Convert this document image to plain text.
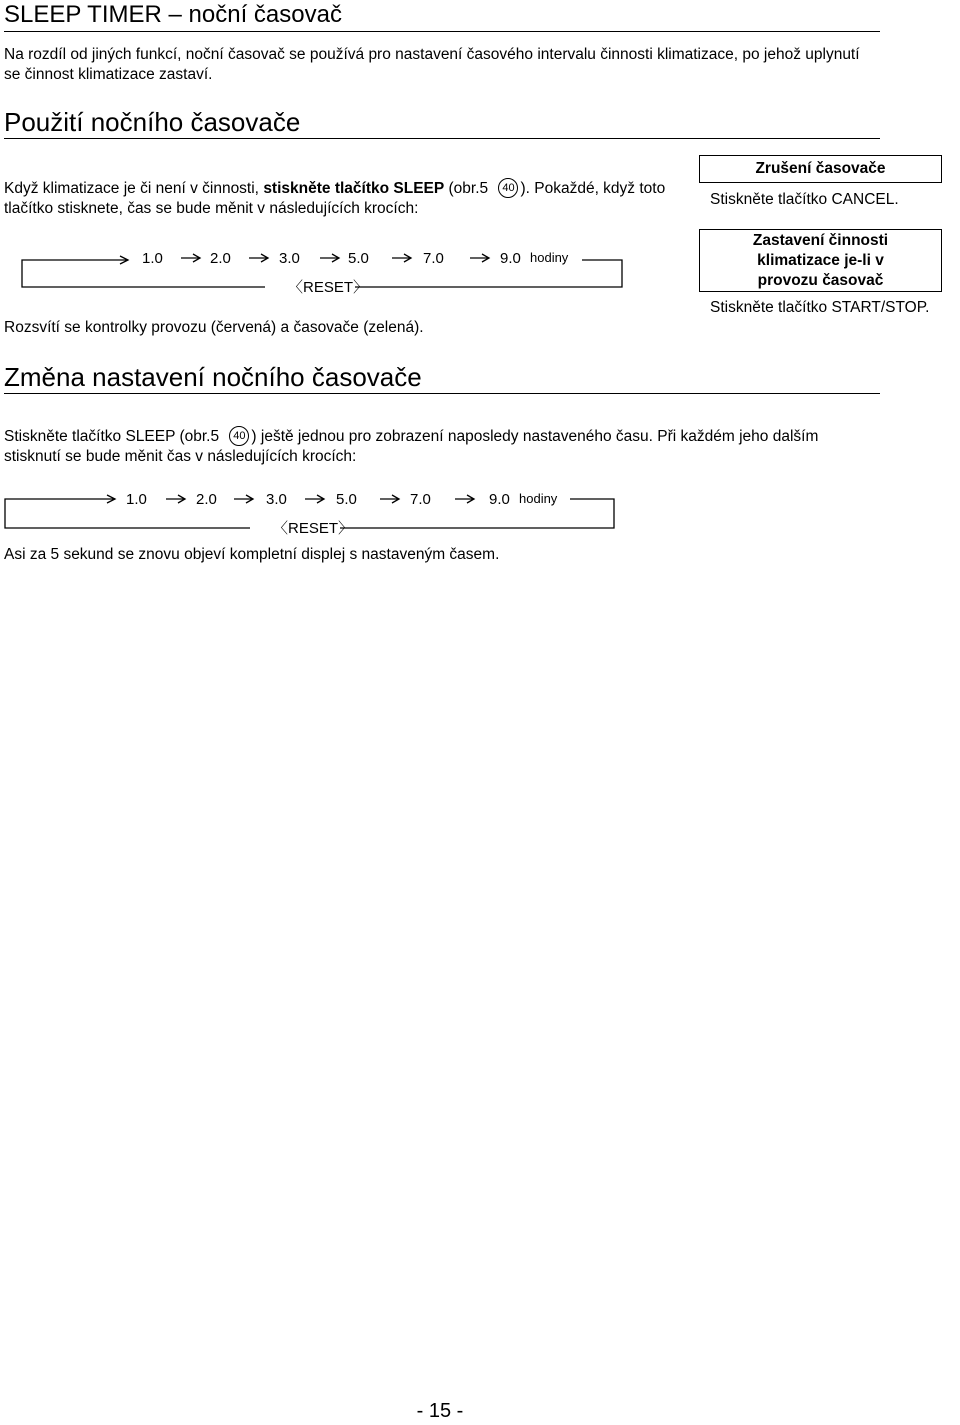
SLEEP TIMER – noční časovač
Na rozdíl od jiných funkcí, noční časovač se používá pro nastavení časového intervalu činnosti klimatizace, po jehož uplynutí se činnost klimatizace zastaví.
Použití nočního časovače
Když klimatizace je či není v činnosti, stiskněte tlačítko SLEEP (obr.5 40 ). Pokaždé, když toto tlačítko stisknete, čas se bude měnit v následujících krocích:
1.0	2.0	3.0	5.0	7.0	9.0 hodiny
〈RESET〉
Rozsvítí se kontrolky provozu (červená) a časovače (zelená).
Zrušení časovače
Stiskněte tlačítko CANCEL.
Zastavení činnosti klimatizace je-li v provozu časovač
Stiskněte tlačítko START/STOP.
Změna nastavení nočního časovače
Stiskněte tlačítko SLEEP (obr.5 40 ) ještě jednou pro zobrazení naposledy nastaveného času. Při každém jeho dalším stisknutí se bude měnit čas v následujících krocích:
1.0	2.0	3.0	5.0	7.0	9.0 hodiny
〈RESET〉
Asi za 5 sekund se znovu objeví kompletní displej s nastaveným časem.
- 15 -
